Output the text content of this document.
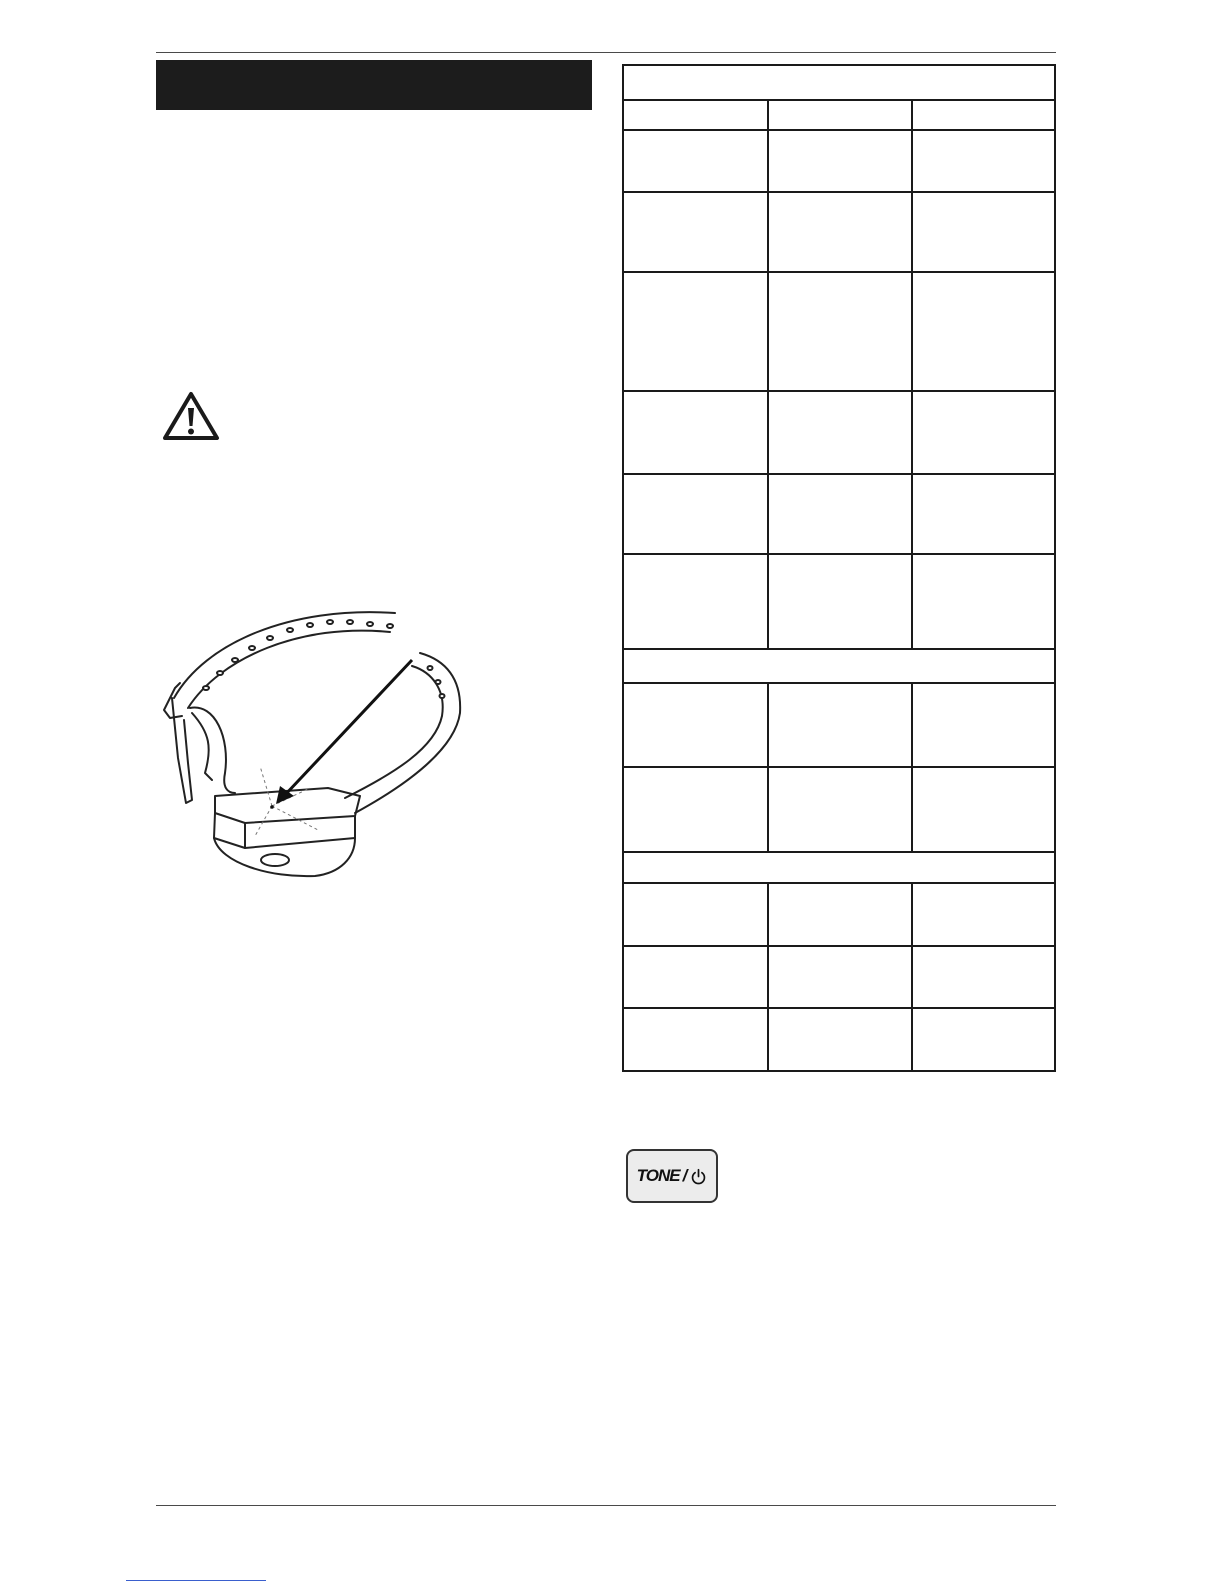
TONE /
